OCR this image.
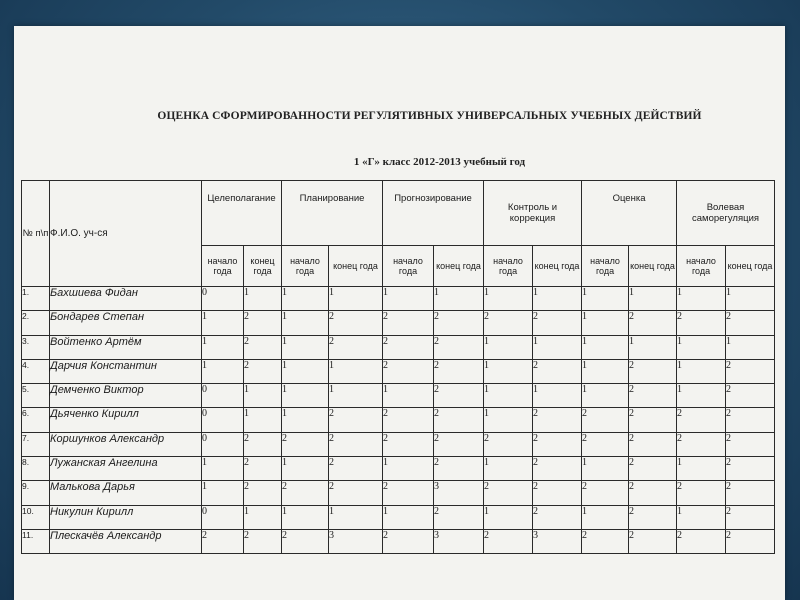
ОЦЕНКА СФОРМИРОВАННОСТИ РЕГУЛЯТИВНЫХ УНИВЕРСАЛЬНЫХ УЧЕБНЫХ ДЕЙСТВИЙ
1 «Г» класс 2012-2013 учебный год
№ п\п	Ф.И.О. уч-ся	Целеполагание		Планирование		Прогнозирование		Контроль и коррекция		Оценка		Волевая саморегуляция	
		начало года	конец года	начало года	конец года	начало года	конец года	начало года	конец года	начало года	конец года	начало года	конец года
1.	Бахшиева Фидан	0	1	1	1	1	1	1	1	1	1	1	1
2.	Бондарев Степан	1	2	1	2	2	2	2	2	1	2	2	2
3.	Войтенко Артём	1	2	1	2	2	2	1	1	1	1	1	1
4.	Дарчия Константин	1	2	1	1	2	2	1	2	1	2	1	2
5.	Демченко Виктор	0	1	1	1	1	2	1	1	1	2	1	2
6.	Дьяченко Кирилл	0	1	1	2	2	2	1	2	2	2	2	2
7.	Коршунков Александр	0	2	2	2	2	2	2	2	2	2	2	2
8.	Лужанская Ангелина	1	2	1	2	1	2	1	2	1	2	1	2
9.	Малькова Дарья	1	2	2	2	2	3	2	2	2	2	2	2
10.	Никулин Кирилл	0	1	1	1	1	2	1	2	1	2	1	2
11.	Плескачёв Александр	2	2	2	3	2	3	2	3	2	2	2	2
